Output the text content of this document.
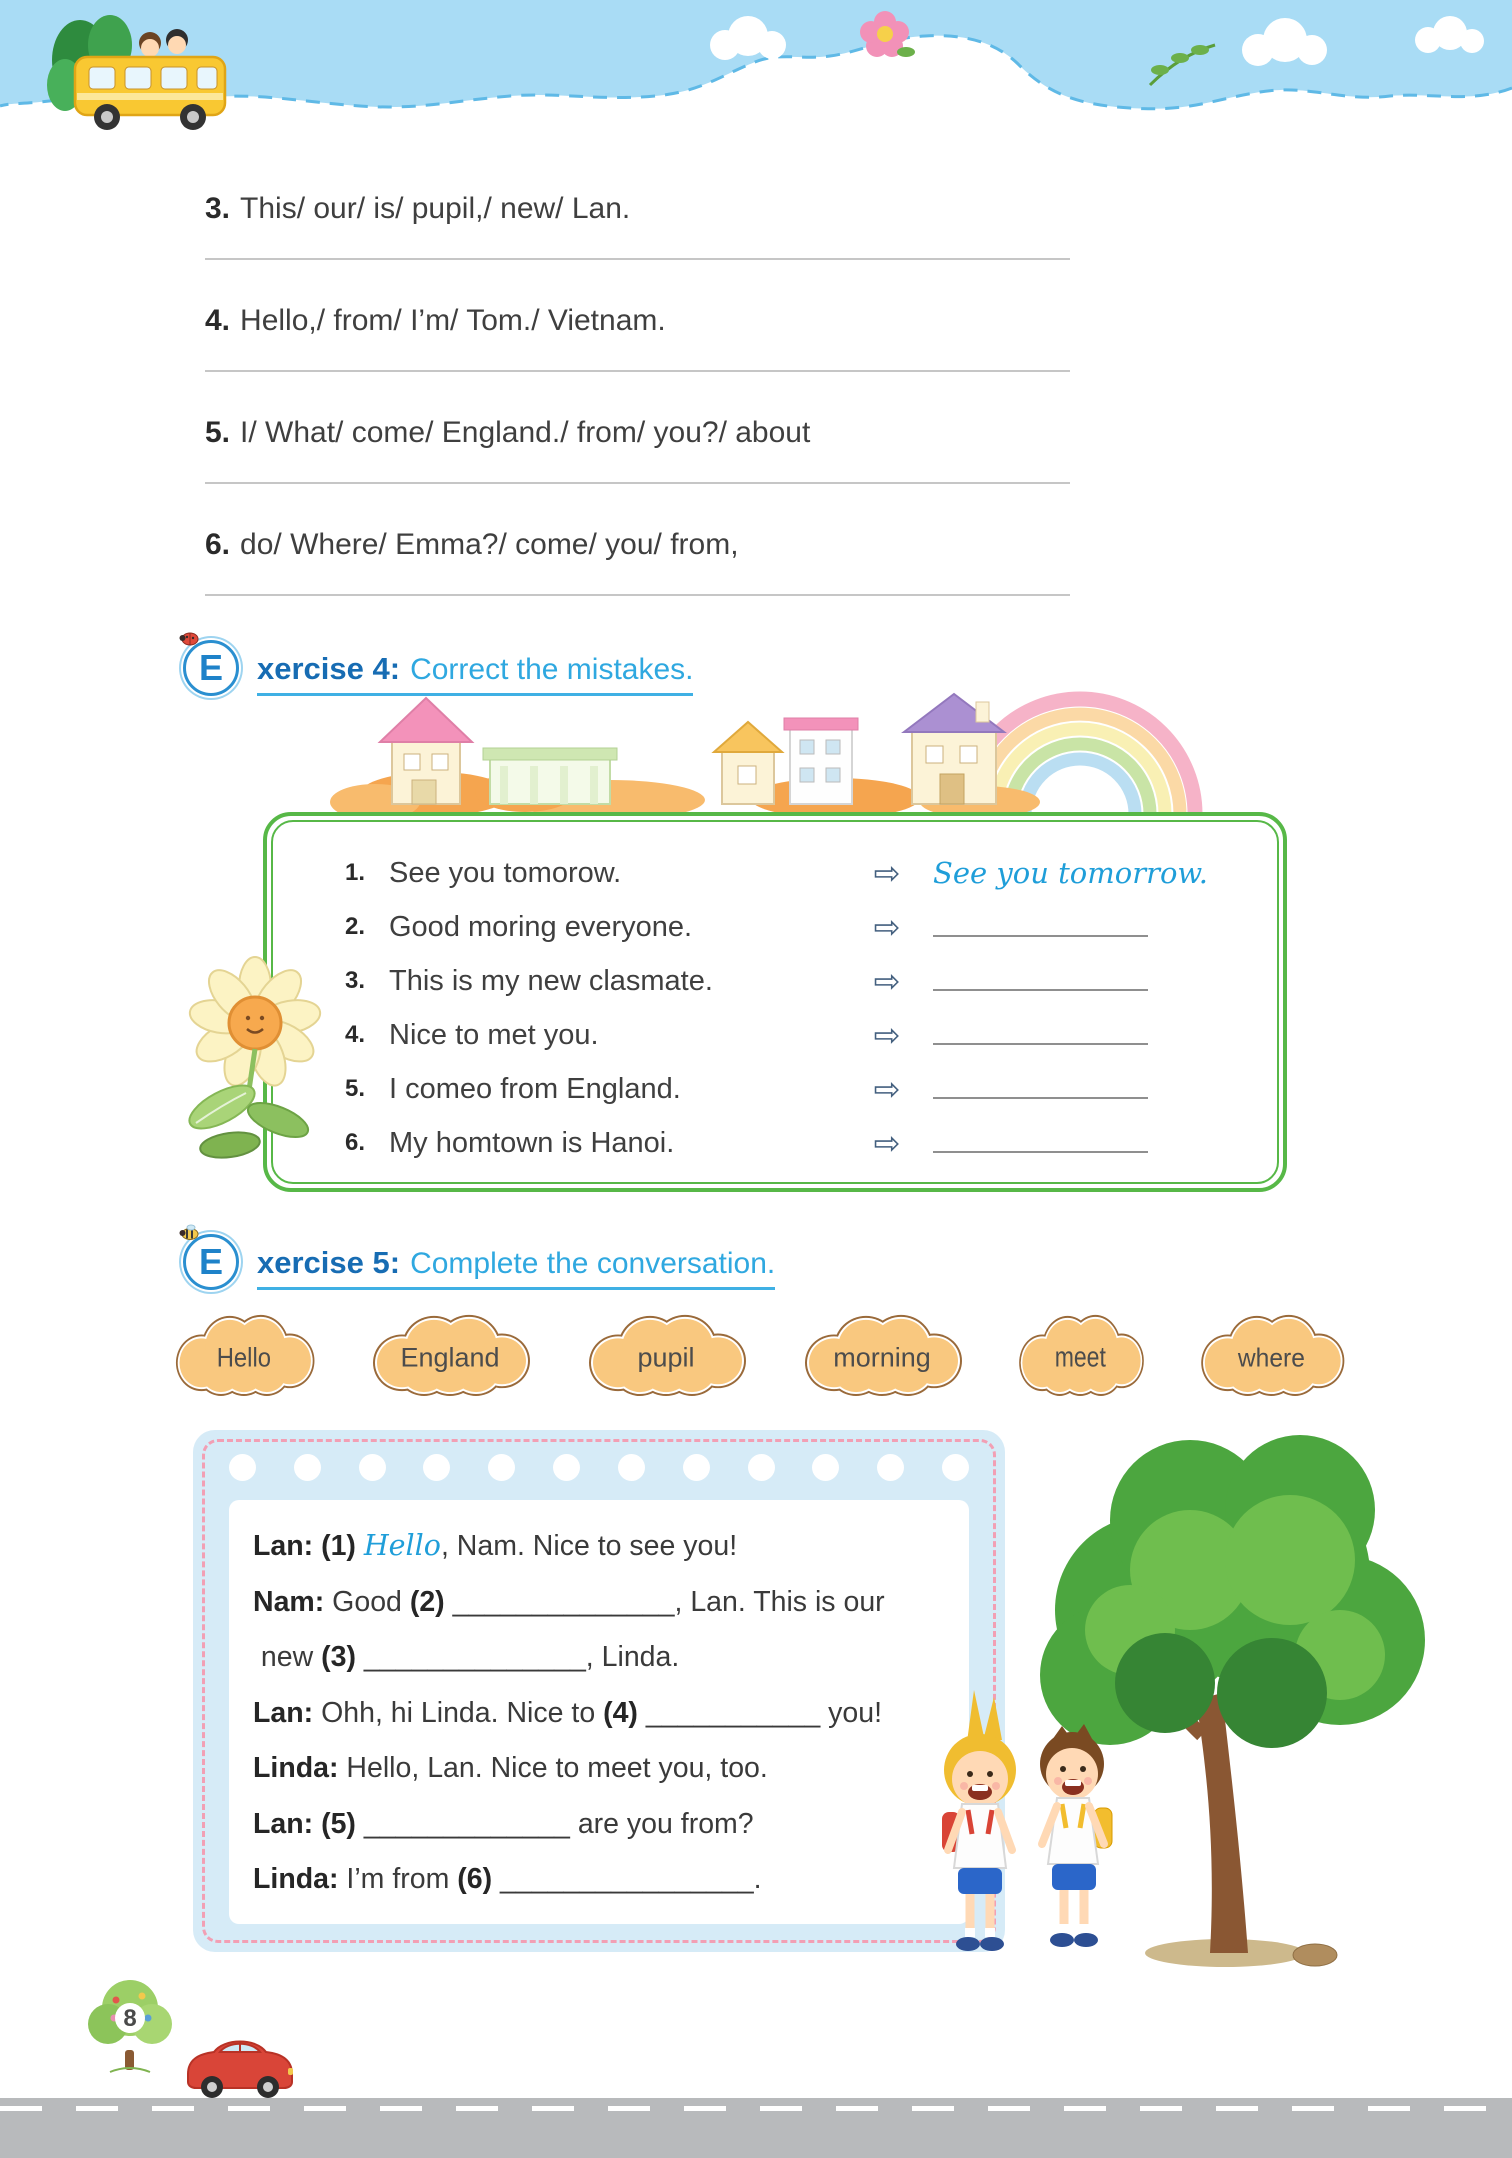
3. This/ our/ is/ pupil,/ new/ Lan.
4. Hello,/ from/ I’m/ Tom./ Vietnam.
5. I/ What/ come/ England./ from/ you?/ about
6. do/ Where/ Emma?/ come/ you/ from,
E xercise 4: Correct the mistakes.
1. See you tomorow.	⇨	See you tomorrow.
2. Good moring everyone.	⇨
3. This is my new clasmate.	⇨
4. Nice to met you.	⇨
5. I comeo from England.	⇨
6. My homtown is Hanoi.	⇨
E xercise 5: Complete the conversation.
Hello	England	pupil	morning	meet	where
Lan: (1) Hello, Nam. Nice to see you!
Nam: Good (2) ______________, Lan. This is our
new (3) ______________, Linda.
Lan: Ohh, hi Linda. Nice to (4) ___________ you!
Linda: Hello, Lan. Nice to meet you, too.
Lan: (5) _____________ are you from?
Linda: I’m from (6) ________________.
8
